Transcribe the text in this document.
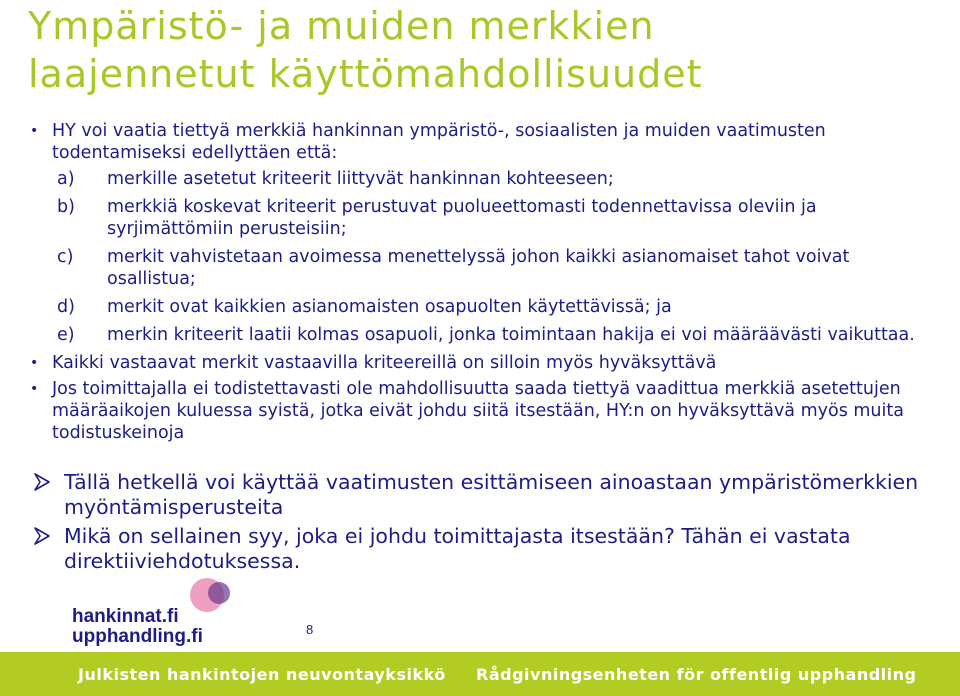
Ympäristö- ja muiden merkkien
laajennetut käyttömahdollisuudet
• HY voi vaatia tiettyä merkkiä hankinnan ympäristö-, sosiaalisten ja muiden vaatimusten todentamiseksi edellyttäen että:
a) merkille asetetut kriteerit liittyvät hankinnan kohteeseen;
b) merkkiä koskevat kriteerit perustuvat puolueettomasti todennettavissa oleviin ja syrjimättömiin perusteisiin;
c) merkit vahvistetaan avoimessa menettelyssä johon kaikki asianomaiset tahot voivat osallistua;
d) merkit ovat kaikkien asianomaisten osapuolten käytettävissä; ja
e) merkin kriteerit laatii kolmas osapuoli, jonka toimintaan hakija ei voi määräävästi vaikuttaa.
• Kaikki vastaavat merkit vastaavilla kriteereillä on silloin myös hyväksyttävä
• Jos toimittajalla ei todistettavasti ole mahdollisuutta saada tiettyä vaadittua merkkiä asetettujen määräaikojen kuluessa syistä, jotka eivät johdu siitä itsestään, HY:n on hyväksyttävä myös muita todistuskeinoja
Tällä hetkellä voi käyttää vaatimusten esittämiseen ainoastaan ympäristömerkkien myöntämisperusteita
Mikä on sellainen syy, joka ei johdu toimittajasta itsestään? Tähän ei vastata direktiiviehdotuksessa.
hankinnat.fi
upphandling.fi	8
Julkisten hankintojen neuvontayksikkö Rådgivningsenheten för offentlig upphandling
